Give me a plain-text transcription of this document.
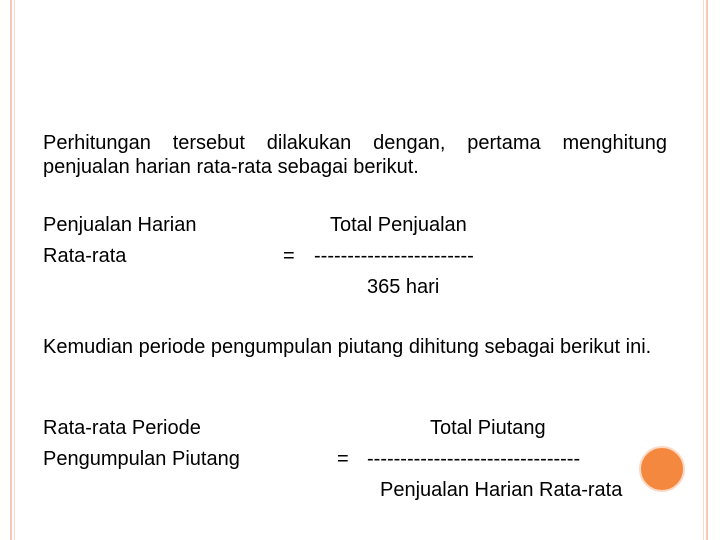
Perhitungan tersebut dilakukan dengan, pertama menghitung penjualan harian rata-rata sebagai berikut.
Penjualan Harian
Rata-rata
Total Penjualan
= ------------------------
365 hari
Kemudian periode pengumpulan piutang dihitung sebagai berikut ini.
Rata-rata Periode
Pengumpulan Piutang
Total Piutang
= --------------------------------
Penjualan Harian Rata-rata
